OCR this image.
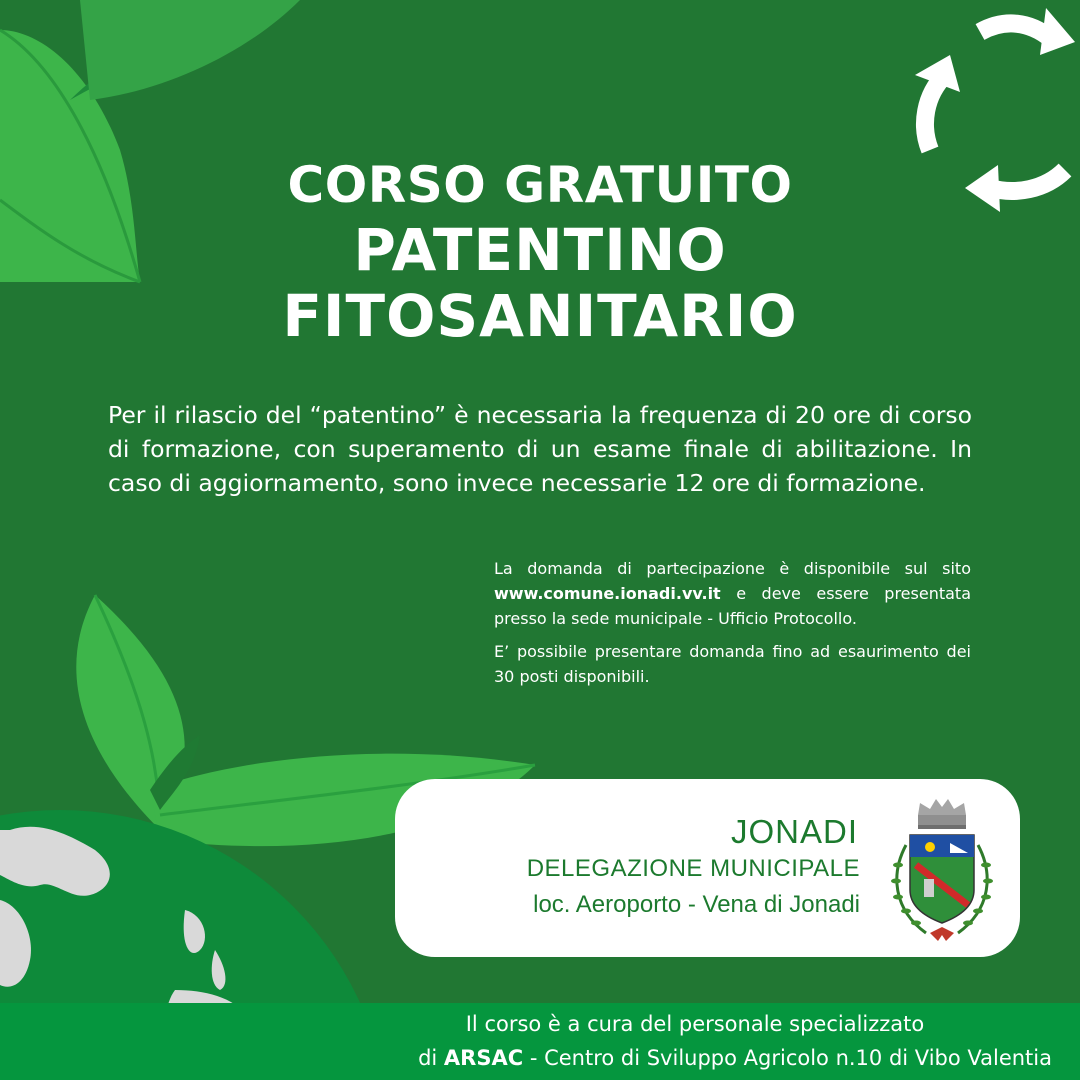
CORSO GRATUITO
PATENTINO
FITOSANITARIO

Per il rilascio del “patentino” è necessaria la frequenza di 20 ore di corso di formazione, con superamento di un esame finale di abilitazione. In caso di aggiornamento, sono invece necessarie 12 ore di formazione.

La domanda di partecipazione è disponibile sul sito www.comune.ionadi.vv.it e deve essere presentata presso la sede municipale - Ufficio Protocollo.

E’ possibile presentare domanda fino ad esaurimento dei 30 posti disponibili.

JONADI
DELEGAZIONE MUNICIPALE
loc. Aeroporto - Vena di Jonadi
Il corso è a cura del personale specializzato
di ARSAC - Centro di Sviluppo Agricolo n.10 di Vibo Valentia
